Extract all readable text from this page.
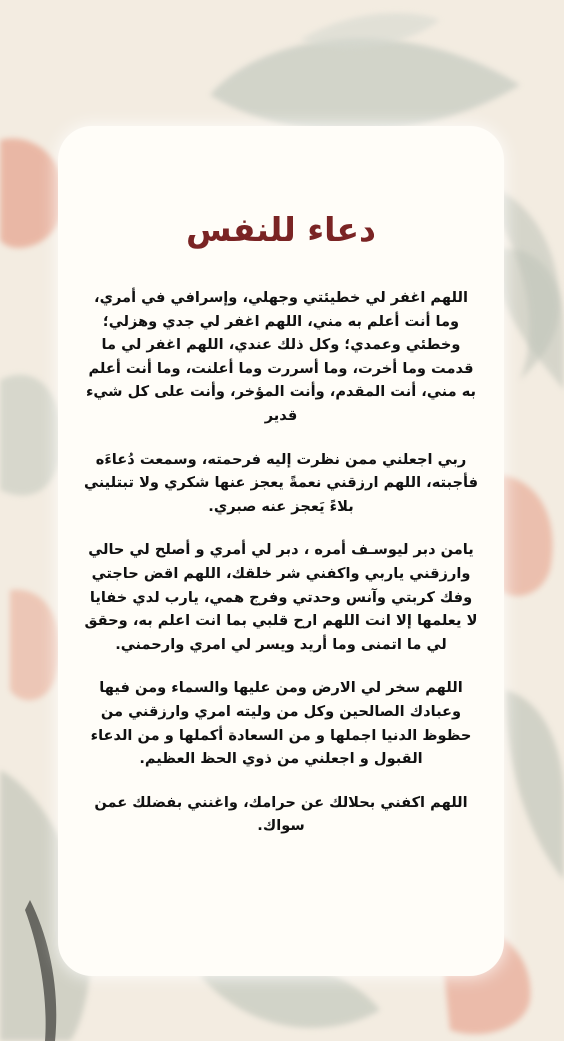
دعاء للنفس

اللهم اغفر لي خطيئتي وجهلي، وإسرافي في أمري، وما أنت أعلم به مني، اللهم اغفر لي جدي وهزلي؛ وخطئي وعمدي؛ وكل ذلك عندي، اللهم اغفر لي ما قدمت وما أخرت، وما أسررت وما أعلنت، وما أنت أعلم به مني، أنت المقدم، وأنت المؤخر، وأنت على كل شيء قدير

ربي اجعلني ممن نظرت إليه فرحمته، وسمعت دُعاءَه فأجبته، اللهم ارزقني نعمةً يعجز عنها شكري ولا تبتليني بلاءً يَعجز عنه صبري.

يامن دبر ليوسـف أمره ، دبر لي أمري و أصلح لي حالي وارزقني ياربي واكفني شر خلقك، اللهم اقض حاجتي وفك كربتي وآنس وحدتي وفرج همي، يارب لدي خفايا لا يعلمها إلا انت اللهم ارح قلبي بما انت اعلم به، وحقق لي ما اتمنى وما أريد ويسر لي امري وارحمني.

اللهم سخر لي الارض ومن عليها والسماء ومن فيها وعبادك الصالحين وكل من وليته امري وارزقني من حظوظ الدنيا اجملها و من السعادة أكملها و من الدعاء القبول و اجعلني من ذوي الحظ العظيم.

اللهم اكفني بحلالك عن حرامك، واغنني بفضلك عمن سواك.
